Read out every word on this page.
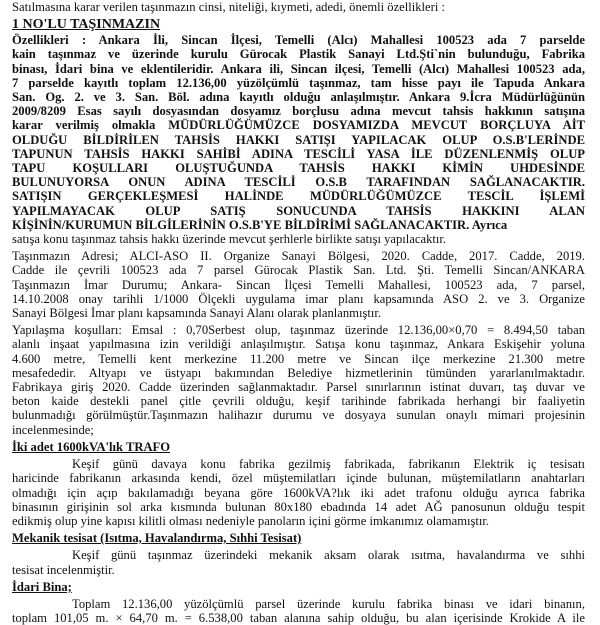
Satılmasına karar verilen taşınmazın cinsi, niteliği, kıymeti, adedi, önemli özellikleri :
1 NO'LU TAŞINMAZIN
Özellikleri : Ankara İli, Sincan İlçesi, Temelli (Alcı) Mahallesi 100523 ada 7 parselde
kain taşınmaz ve üzerinde kurulu Gürocak Plastik Sanayi Ltd.Şti`nin bulunduğu, Fabrika
binası, İdari bina ve eklentileridir. Ankara ili, Sincan ilçesi, Temelli (Alcı) Mahallesi 100523 ada,
7 parselde kayıtlı toplam 12.136,00 yüzölçümlü taşınmaz, tam hisse payı ile Tapuda Ankara
San. Og. 2. ve 3. San. Böl. adına kayıtlı olduğu anlaşılmıştır. Ankara 9.İcra Müdürlüğünün
2009/8209 Esas sayılı dosyasından dosyamız borçlusu adına mevcut tahsis hakkının satışına
karar verilmiş olmakla MÜDÜRLÜĞÜMÜZCE DOSYAMIZDA MEVCUT BORÇLUYA AİT
OLDUĞU BİLDİRİLEN TAHSİS HAKKI SATIŞI YAPILACAK OLUP O.S.B'LERİNDE
TAPUNUN TAHSİS HAKKI SAHİBİ ADINA TESCİLİ YASA İLE DÜZENLENMİŞ OLUP
TAPU KOŞULLARI OLUŞTUĞUNDA TAHSİS HAKKI KİMİN UHDESİNDE
BULUNUYORSA ONUN ADINA TESCİLİ O.S.B TARAFINDAN SAĞLANACAKTIR.
SATIŞIN GERÇEKLEŞMESİ HALİNDE MÜDÜRLÜĞÜMÜZCE TESCİL İŞLEMİ
YAPILMAYACAK OLUP SATIŞ SONUCUNDA TAHSİS HAKKINI ALAN
KİŞİNİN/KURUMUN BİLGİLERİNİN O.S.B'YE BİLDİRİMİ SAĞLANACAKTIR. Ayrıca
satışa konu taşınmaz tahsis hakkı üzerinde mevcut şerhlerle birlikte satışı yapılacaktır.
Taşınmazın Adresi; ALCI-ASO II. Organize Sanayi Bölgesi, 2020. Cadde, 2017. Cadde, 2019.
Cadde ile çevrili 100523 ada 7 parsel Gürocak Plastik San. Ltd. Şti. Temelli Sincan/ANKARA
Taşınmazın İmar Durumu; Ankara- Sincan İlçesi Temelli Mahallesi, 100523 ada, 7 parsel,
14.10.2008 onay tarihli 1/1000 Ölçekli uygulama imar planı kapsamında ASO 2. ve 3. Organize
Sanayi Bölgesi İmar planı kapsamında Sanayi Alanı olarak planlanmıştır.
Yapılaşma koşulları: Emsal : 0,70Serbest olup, taşınmaz üzerinde 12.136,00×0,70 = 8.494,50 taban
alanlı inşaat yapılmasına izin verildiği anlaşılmıştır. Satışa konu taşınmaz, Ankara Eskişehir yoluna
4.600 metre, Temelli kent merkezine 11.200 metre ve Sincan ilçe merkezine 21.300 metre
mesafededir. Altyapı ve üstyapı bakımından Belediye hizmetlerinin tümünden yararlanılmaktadır.
Fabrikaya giriş 2020. Cadde üzerinden sağlanmaktadır. Parsel sınırlarının istinat duvarı, taş duvar ve
beton kaide destekli panel çitle çevrili olduğu, keşif tarihinde fabrikada herhangi bir faaliyetin
bulunmadığı görülmüştür.Taşınmazın halihazır durumu ve dosyaya sunulan onaylı mimari projesinin
incelenmesinde;
İki adet 1600kVA'lık TRAFO
Keşif günü davaya konu fabrika gezilmiş fabrikada, fabrikanın Elektrik iç tesisatı
haricinde fabrikanın arkasında kendi, özel müştemilatları içinde bulunan, müştemilatların anahtarları
olmadığı için açıp bakılamadığı beyana göre 1600kVA?lık iki adet trafonu olduğu ayrıca fabrika
binasının girişinin sol arka kısmında bulunan 80x180 ebadında 14 adet AĞ panosunun olduğu tespit
edikmiş olup yine kapısı kilitli olması nedeniyle panoların içini görme imkanımız olamamıştır.
Mekanik tesisat (Isıtma, Havalandırma, Sıhhi Tesisat)
Keşif günü taşınmaz üzerindeki mekanik aksam olarak ısıtma, havalandırma ve sıhhi
tesisat incelenmiştir.
İdari Bina;
Toplam 12.136,00 yüzölçümlü parsel üzerinde kurulu fabrika binası ve idari binanın,
toplam 101,05 m. × 64,70 m. = 6.538,00 taban alanına sahip olduğu, bu alan içerisinde Krokide A ile
